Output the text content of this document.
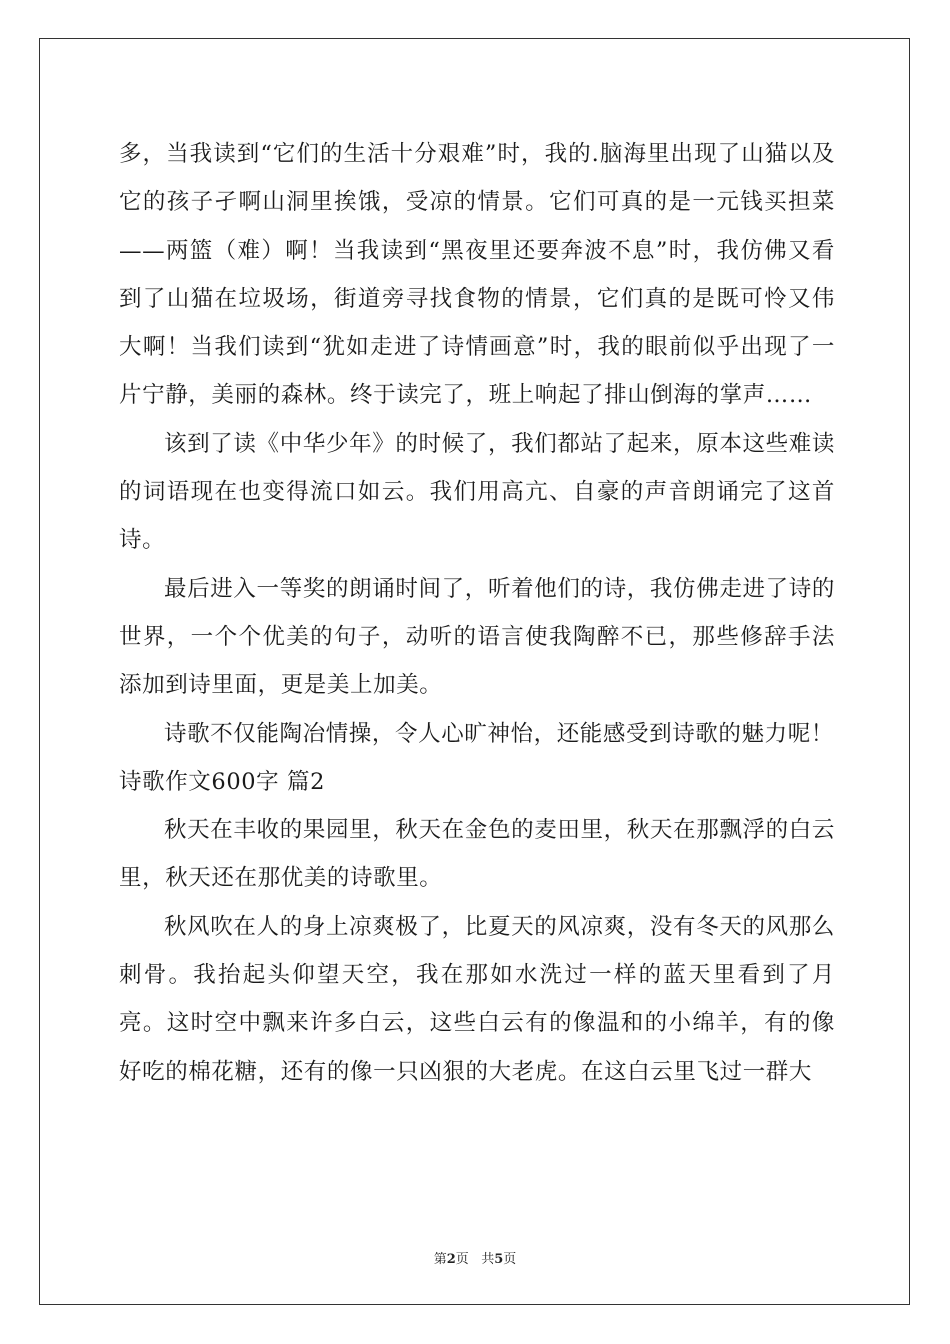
多，当我读到“它们的生活十分艰难”时，我的.脑海里出现了山猫以及它的孩子孑啊山洞里挨饿，受凉的情景。它们可真的是一元钱买担菜——两篮（难）啊！当我读到“黑夜里还要奔波不息”时，我仿佛又看到了山猫在垃圾场，街道旁寻找食物的情景，它们真的是既可怜又伟大啊！当我们读到“犹如走进了诗情画意”时，我的眼前似乎出现了一片宁静，美丽的森林。终于读完了，班上响起了排山倒海的掌声……

该到了读《中华少年》的时候了，我们都站了起来，原本这些难读的词语现在也变得流口如云。我们用高亢、自豪的声音朗诵完了这首诗。

最后进入一等奖的朗诵时间了，听着他们的诗，我仿佛走进了诗的世界，一个个优美的句子，动听的语言使我陶醉不已，那些修辞手法添加到诗里面，更是美上加美。

诗歌不仅能陶冶情操，令人心旷神怡，还能感受到诗歌的魅力呢！

诗歌作文600字 篇2

秋天在丰收的果园里，秋天在金色的麦田里，秋天在那飘浮的白云里，秋天还在那优美的诗歌里。

秋风吹在人的身上凉爽极了，比夏天的风凉爽，没有冬天的风那么刺骨。我抬起头仰望天空，我在那如水洗过一样的蓝天里看到了月亮。这时空中飘来许多白云，这些白云有的像温和的小绵羊，有的像好吃的棉花糖，还有的像一只凶狠的大老虎。在这白云里飞过一群大

第2页 共5页
